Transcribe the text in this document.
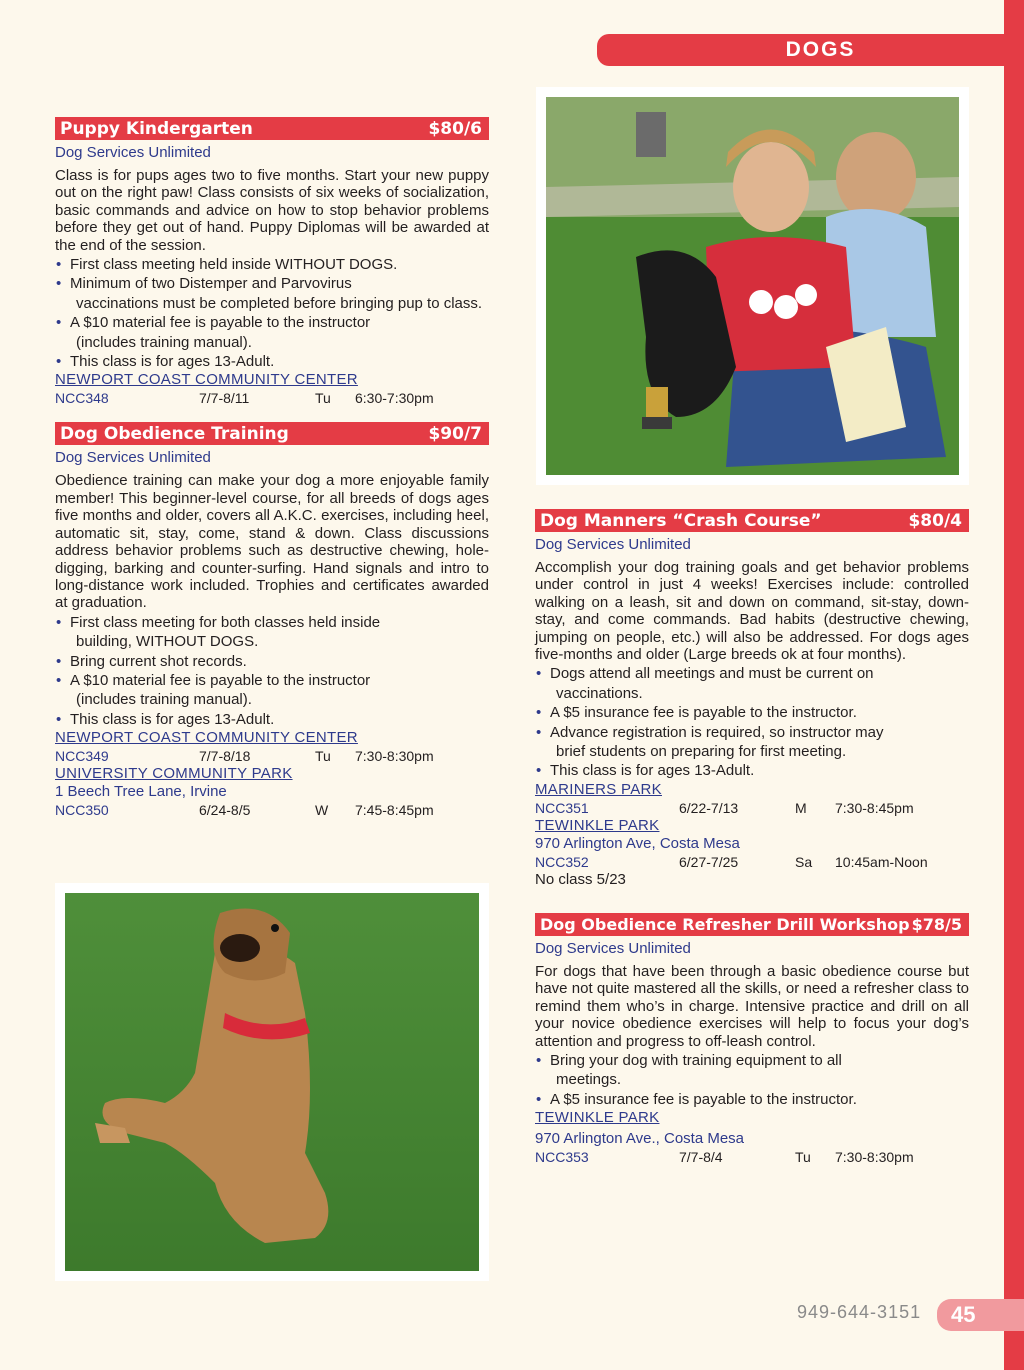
DOGS
Puppy Kindergarten	$80/6
Dog Services Unlimited
Class is for pups ages two to five months. Start your new puppy out on the right paw! Class consists of six weeks of socialization, basic commands and advice on how to stop behavior problems before they get out of hand. Puppy Diplomas will be awarded at the end of the session.
• First class meeting held inside WITHOUT DOGS.
• Minimum of two Distemper and Parvovirus
vaccinations must be completed before bringing pup to class.
• A $10 material fee is payable to the instructor
(includes training manual).
• This class is for ages 13-Adult.
NEWPORT COAST COMMUNITY CENTER
NCC348	7/7-8/11	Tu	6:30-7:30pm
Dog Obedience Training	$90/7
Dog Services Unlimited
Obedience training can make your dog a more enjoyable family member! This beginner-level course, for all breeds of dogs ages five months and older, covers all A.K.C. exercises, including heel, automatic sit, stay, come, stand & down. Class discussions address behavior problems such as destructive chewing, hole-digging, barking and counter-surfing. Hand signals and intro to long-distance work included. Trophies and certificates awarded at graduation.
• First class meeting for both classes held inside
building, WITHOUT DOGS.
• Bring current shot records.
• A $10 material fee is payable to the instructor
(includes training manual).
• This class is for ages 13-Adult.
NEWPORT COAST COMMUNITY CENTER
NCC349	7/7-8/18	Tu	7:30-8:30pm
UNIVERSITY COMMUNITY PARK
1 Beech Tree Lane, Irvine
NCC350	6/24-8/5	W	7:45-8:45pm
Dog Manners “Crash Course”	$80/4
Dog Services Unlimited
Accomplish your dog training goals and get behavior problems under control in just 4 weeks! Exercises include: controlled walking on a leash, sit and down on command, sit-stay, down-stay, and come commands. Bad habits (destructive chewing, jumping on people, etc.) will also be addressed. For dogs ages five-months and older (Large breeds ok at four months).
• Dogs attend all meetings and must be current on
vaccinations.
• A $5 insurance fee is payable to the instructor.
• Advance registration is required, so instructor may
brief students on preparing for first meeting.
• This class is for ages 13-Adult.
MARINERS PARK
NCC351	6/22-7/13	M	7:30-8:45pm
TEWINKLE PARK
970 Arlington Ave, Costa Mesa
NCC352	6/27-7/25	Sa	10:45am-Noon
No class 5/23
Dog Obedience Refresher Drill Workshop $78/5
Dog Services Unlimited
For dogs that have been through a basic obedience course but have not quite mastered all the skills, or need a refresher class to remind them who’s in charge. Intensive practice and drill on all your novice obedience exercises will help to focus your dog’s attention and progress to off-leash control.
• Bring your dog with training equipment to all
meetings.
• A $5 insurance fee is payable to the instructor.
TEWINKLE PARK
970 Arlington Ave., Costa Mesa
NCC353	7/7-8/4	Tu	7:30-8:30pm
949-644-3151	45
